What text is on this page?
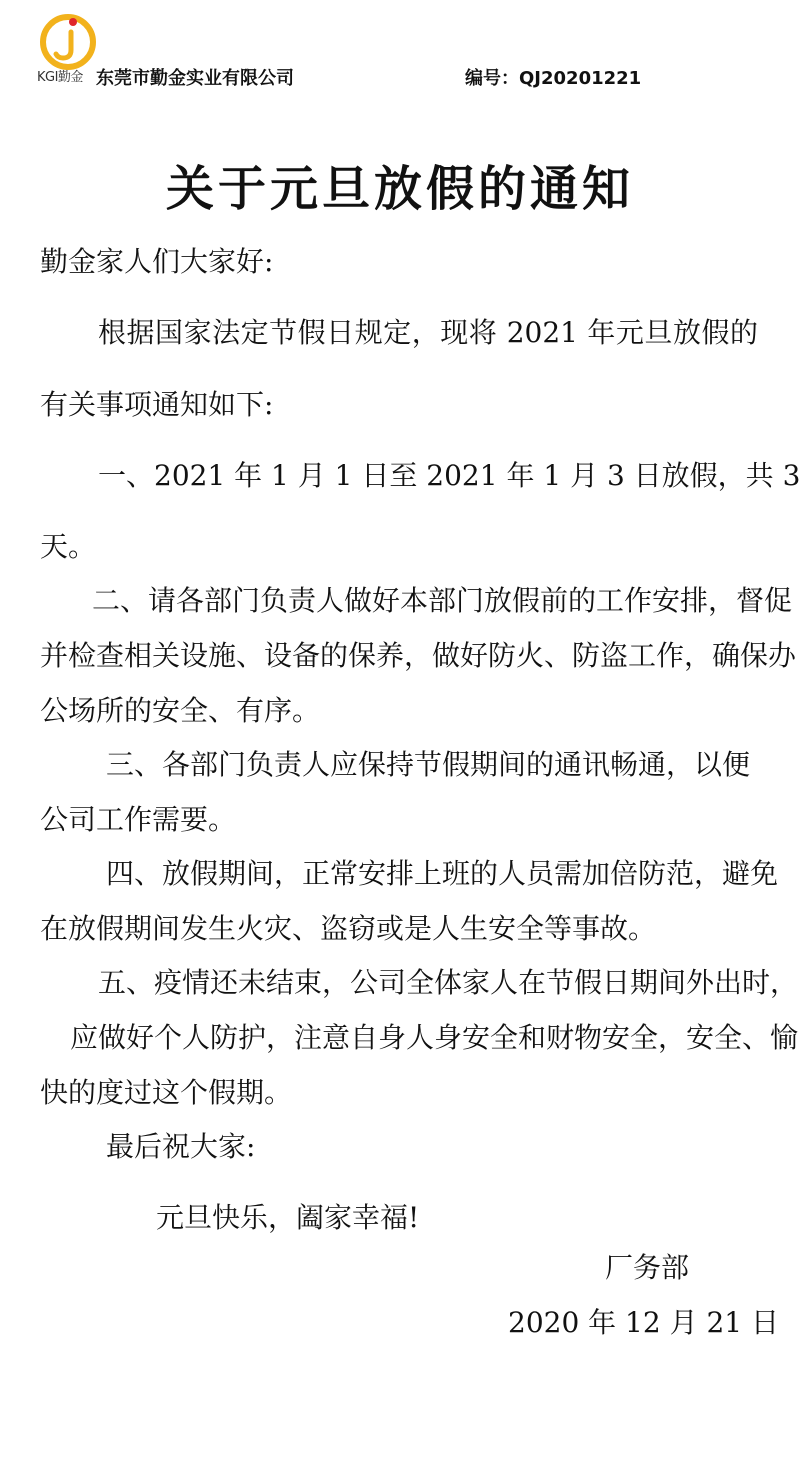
KGI勤金 东莞市勤金实业有限公司	编号：QJ20201221
关于元旦放假的通知
勤金家人们大家好:
根据国家法定节假日规定，现将 2021 年元旦放假的
有关事项通知如下:
一、2021 年 1 月 1 日至 2021 年 1 月 3 日放假，共 3
天。
二、请各部门负责人做好本部门放假前的工作安排，督促
并检查相关设施、设备的保养，做好防火、防盗工作，确保办
公场所的安全、有序。
三、各部门负责人应保持节假期间的通讯畅通，以便
公司工作需要。
四、放假期间，正常安排上班的人员需加倍防范，避免
在放假期间发生火灾、盗窃或是人生安全等事故。
五、疫情还未结束，公司全体家人在节假日期间外出时，
应做好个人防护，注意自身人身安全和财物安全，安全、愉
快的度过这个假期。
最后祝大家:
元旦快乐，阖家幸福!
厂务部
2020 年 12 月 21 日
